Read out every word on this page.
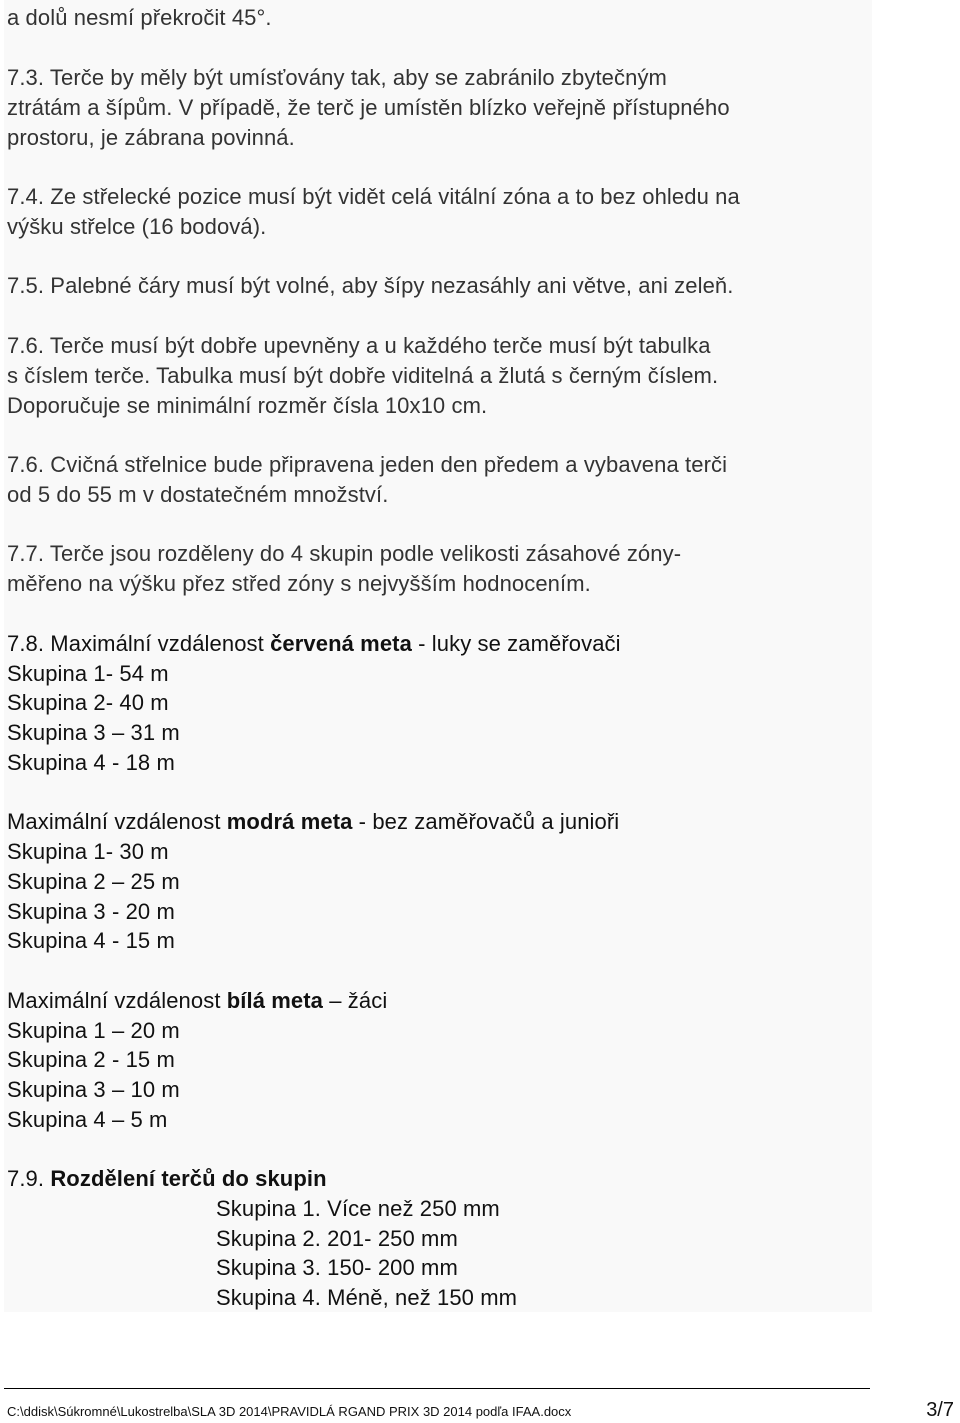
a dolů nesmí překročit 45°.
7.3. Terče by měly být umísťovány tak, aby se zabránilo zbytečným
ztrátám a šípům. V případě, že terč je umístěn blízko veřejně přístupného
prostoru, je zábrana povinná.
7.4. Ze střelecké pozice musí být vidět celá vitální zóna a to bez ohledu na
výšku střelce (16 bodová).
7.5. Palebné čáry musí být volné, aby šípy nezasáhly ani větve, ani zeleň.
7.6. Terče musí být dobře upevněny a u každého terče musí být tabulka
s číslem terče. Tabulka musí být dobře viditelná a žlutá s černým číslem.
Doporučuje se minimální rozměr čísla 10x10 cm.
7.6. Cvičná střelnice bude připravena jeden den předem a vybavena terči
od 5 do 55 m v dostatečném množství.
7.7. Terče jsou rozděleny do 4 skupin podle velikosti zásahové zóny-
měřeno na výšku přez střed zóny s nejvyšším hodnocením.
7.8. Maximální vzdálenost červená meta - luky se zaměřovači
Skupina 1- 54 m
Skupina 2- 40 m
Skupina 3 – 31 m
Skupina 4 - 18 m
Maximální vzdálenost modrá meta - bez zaměřovačů a junioři
Skupina 1- 30 m
Skupina 2 – 25 m
Skupina 3 - 20 m
Skupina 4 - 15 m
Maximální vzdálenost bílá meta – žáci
Skupina 1 – 20 m
Skupina 2 - 15 m
Skupina 3 – 10 m
Skupina 4 – 5 m
7.9. Rozdělení terčů do skupin
Skupina 1. Více než 250 mm
Skupina 2. 201- 250 mm
Skupina 3. 150- 200 mm
Skupina 4. Méně, než 150 mm
C:\ddisk\Súkromné\Lukostrelba\SLA 3D 2014\PRAVIDLÁ RGAND PRIX 3D 2014 podľa IFAA.docx	3/7
